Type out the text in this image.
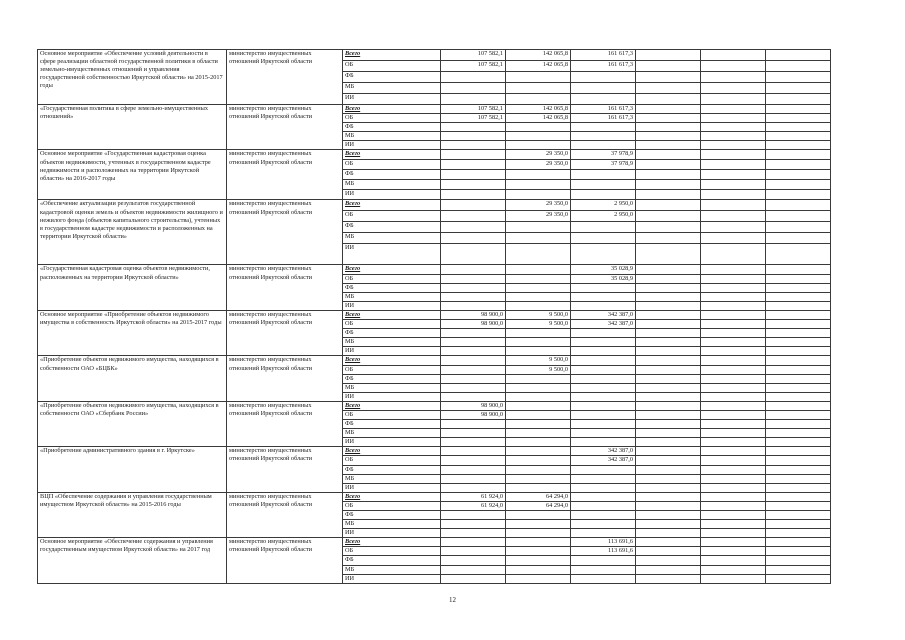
Основное мероприятие «Обеспечение условий деятельности в сфере реализации областной государственной политики в области земельно-имущественных отношений и управления государственной собственностью Иркутской области» на 2015-2017 годы	министерство имущественных отношений Иркутской области	Всего	107 582,1	142 065,8	161 617,3			
		ОБ	107 582,1	142 065,8	161 617,3			
		ФБ						
		МБ						
		ИИ						
«Государственная политика в сфере земельно-имущественных отношений»	министерство имущественных отношений Иркутской области	Всего	107 582,1	142 065,8	161 617,3			
		ОБ	107 582,1	142 065,8	161 617,3			
		ФБ						
		МБ						
		ИИ						
Основное мероприятие «Государственная кадастровая оценка объектов недвижимости, учтенных в государственном кадастре недвижимости и расположенных на территории Иркутской области» на 2016-2017 годы	министерство имущественных отношений Иркутской области	Всего		29 350,0	37 978,9			
		ОБ		29 350,0	37 978,9			
		ФБ						
		МБ						
		ИИ						
«Обеспечение актуализации результатов государственной кадастровой оценки земель и объектов недвижимости жилищного и нежилого фонда (объектов капитального строительства), учтенных в государственном кадастре недвижимости и расположенных на территории Иркутской области»	министерство имущественных отношений Иркутской области	Всего		29 350,0	2 950,0			
		ОБ		29 350,0	2 950,0			
		ФБ						
		МБ						
		ИИ						
«Государственная кадастровая оценка объектов недвижимости, расположенных на территории Иркутской области»	министерство имущественных отношений Иркутской области	Всего			35 028,9			
		ОБ			35 028,9			
		ФБ						
		МБ						
		ИИ						
Основное мероприятие «Приобретение объектов недвижимого имущества в собственность Иркутской области» на 2015-2017 годы	министерство имущественных отношений Иркутской области	Всего	98 900,0	9 500,0	342 387,0			
		ОБ	98 900,0	9 500,0	342 387,0			
		ФБ						
		МБ						
		ИИ						
«Приобретение объектов недвижимого имущества, находящихся в собственности ОАО «БЦБК»	министерство имущественных отношений Иркутской области	Всего		9 500,0				
		ОБ		9 500,0				
		ФБ						
		МБ						
		ИИ						
«Приобретение объектов недвижимого имущества, находящихся в собственности ОАО «Сбербанк России»	министерство имущественных отношений Иркутской области	Всего	98 900,0					
		ОБ	98 900,0					
		ФБ						
		МБ						
		ИИ						
«Приобретение административного здания в г. Иркутске»	министерство имущественных отношений Иркутской области	Всего			342 387,0			
		ОБ			342 387,0			
		ФБ						
		МБ						
		ИИ						
ВЦП «Обеспечение содержания и управления государственным имуществом Иркутской области» на 2015-2016 годы	министерство имущественных отношений Иркутской области	Всего	61 924,0	64 294,0				
		ОБ	61 924,0	64 294,0				
		ФБ						
		МБ						
		ИИ						
Основное мероприятие «Обеспечение содержания и управления государственным имуществом Иркутской области» на 2017 год	министерство имущественных отношений Иркутской области	Всего			113 691,6			
		ОБ			113 691,6			
		ФБ						
		МБ						
		ИИ						
12
